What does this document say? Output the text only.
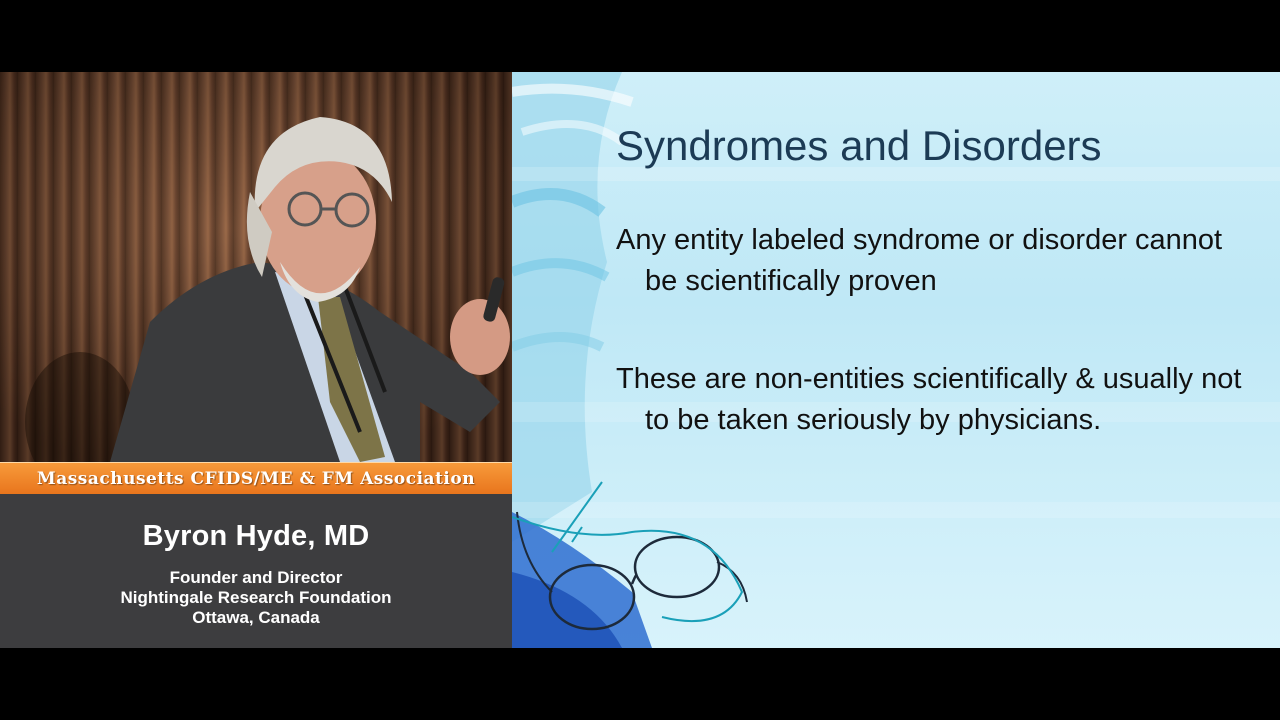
Massachusetts CFIDS/ME & FM Association
Byron Hyde, MD
Founder and Director
Nightingale Research Foundation
Ottawa, Canada
Syndromes and Disorders
Any entity labeled syndrome or disorder cannot be scientifically proven
These are non-entities scientifically & usually not to be taken seriously by physicians.
